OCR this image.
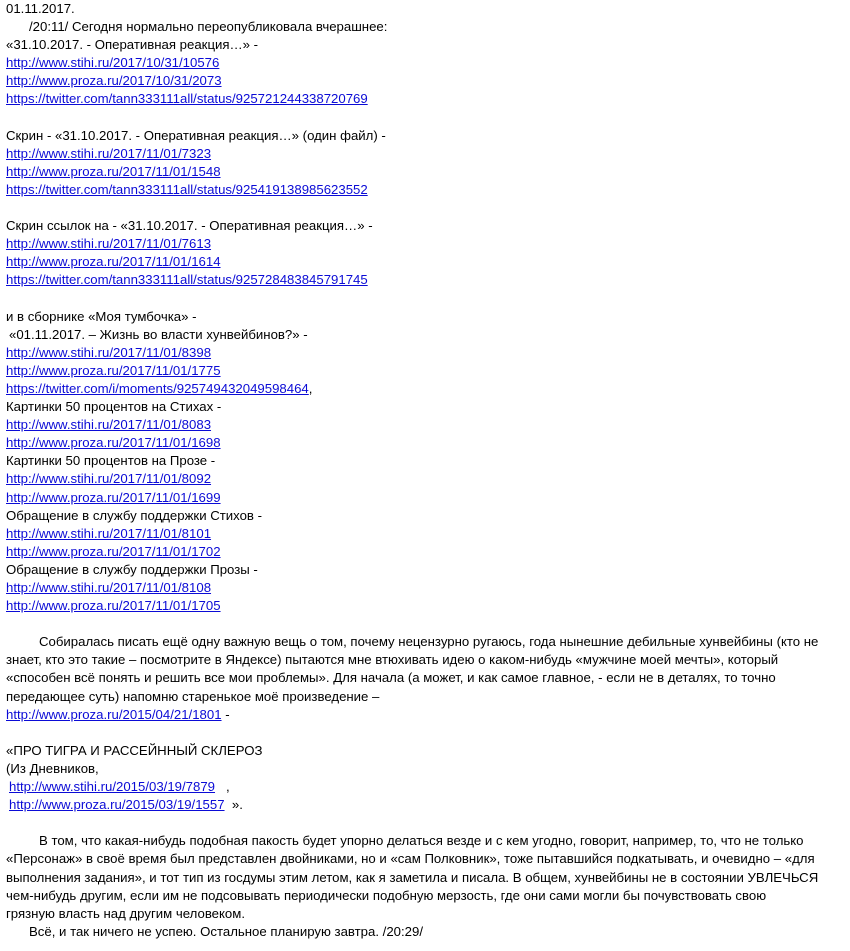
01.11.2017.
/20:11/ Сегодня нормально переопубликовала вчерашнее:
«31.10.2017. - Оперативная реакция…» -
http://www.stihi.ru/2017/10/31/10576
http://www.proza.ru/2017/10/31/2073
https://twitter.com/tann333111all/status/925721244338720769
Скрин - «31.10.2017. - Оперативная реакция…» (один файл) -
http://www.stihi.ru/2017/11/01/7323
http://www.proza.ru/2017/11/01/1548
https://twitter.com/tann333111all/status/925419138985623552
Скрин ссылок на - «31.10.2017. - Оперативная реакция…» -
http://www.stihi.ru/2017/11/01/7613
http://www.proza.ru/2017/11/01/1614
https://twitter.com/tann333111all/status/925728483845791745
и в сборнике «Моя тумбочка» -
«01.11.2017. – Жизнь во власти хунвейбинов?» -
http://www.stihi.ru/2017/11/01/8398
http://www.proza.ru/2017/11/01/1775
https://twitter.com/i/moments/925749432049598464,
Картинки 50 процентов на Стихах -
http://www.stihi.ru/2017/11/01/8083
http://www.proza.ru/2017/11/01/1698
Картинки 50 процентов на Прозе -
http://www.stihi.ru/2017/11/01/8092
http://www.proza.ru/2017/11/01/1699
Обращение в службу поддержки Стихов -
http://www.stihi.ru/2017/11/01/8101
http://www.proza.ru/2017/11/01/1702
Обращение в службу поддержки Прозы -
http://www.stihi.ru/2017/11/01/8108
http://www.proza.ru/2017/11/01/1705
Собиралась писать ещё одну важную вещь о том, почему нецензурно ругаюсь, года нынешние дебильные хунвейбины (кто не
знает, кто это такие – посмотрите в Яндексе) пытаются мне втюхивать идею о каком-нибудь «мужчине моей мечты», который
«способен всё понять и решить все мои проблемы». Для начала (а может, и как самое главное, - если не в деталях, то точно
передающее суть) напомню старенькое моё произведение –
http://www.proza.ru/2015/04/21/1801 -
«ПРО ТИГРА И РАССЕЙННЫЙ СКЛЕРОЗ
(Из Дневников,
http://www.stihi.ru/2015/03/19/7879   ,
http://www.proza.ru/2015/03/19/1557  ».
В том, что какая-нибудь подобная пакость будет упорно делаться везде и с кем угодно, говорит, например, то, что не только
«Персонаж» в своё время был представлен двойниками, но и «сам Полковник», тоже пытавшийся подкатывать, и очевидно – «для
выполнения задания», и тот тип из госдумы этим летом, как я заметила и писала. В общем, хунвейбины не в состоянии УВЛЕЧЬСЯ
чем-нибудь другим, если им не подсовывать периодически подобную мерзость, где они сами могли бы почувствовать свою
грязную власть над другим человеком.
Всё, и так ничего не успею. Остальное планирую завтра. /20:29/
